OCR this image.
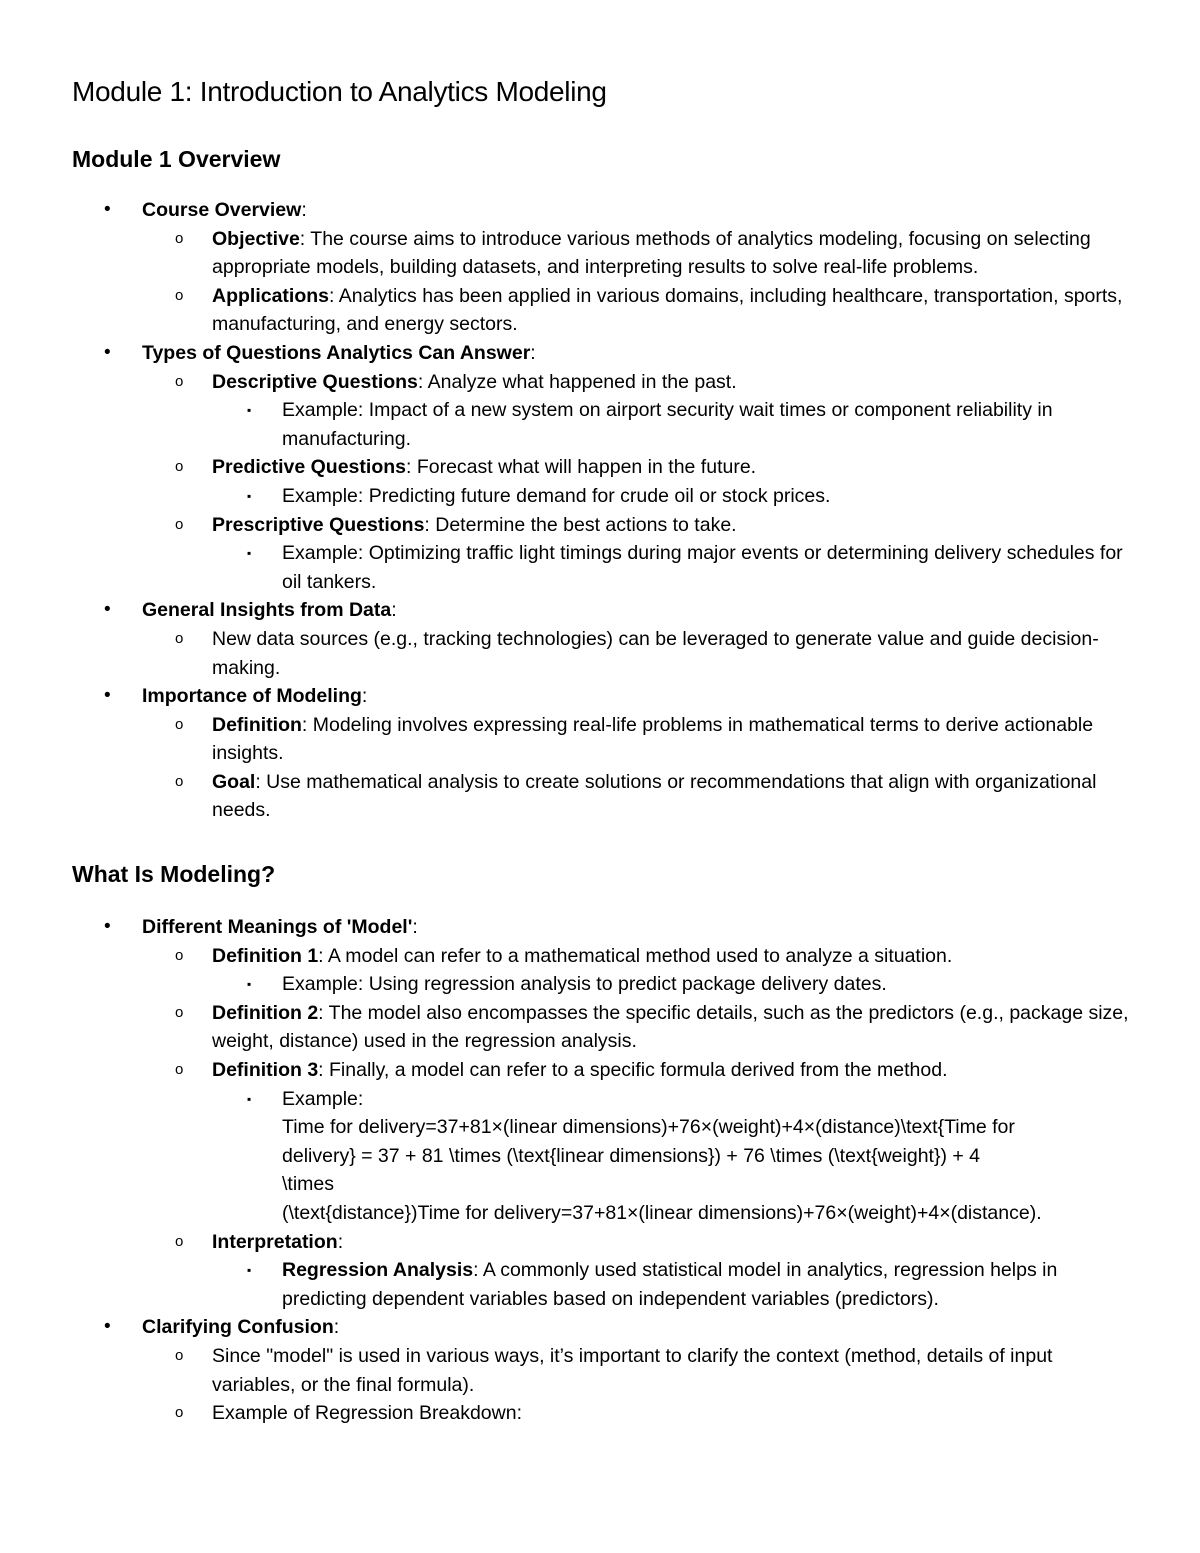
Module 1: Introduction to Analytics Modeling
Module 1 Overview
• Course Overview:
o Objective: The course aims to introduce various methods of analytics modeling, focusing on selecting appropriate models, building datasets, and interpreting results to solve real-life problems.
o Applications: Analytics has been applied in various domains, including healthcare, transportation, sports, manufacturing, and energy sectors.
• Types of Questions Analytics Can Answer:
o Descriptive Questions: Analyze what happened in the past.
▪ Example: Impact of a new system on airport security wait times or component reliability in manufacturing.
o Predictive Questions: Forecast what will happen in the future.
▪ Example: Predicting future demand for crude oil or stock prices.
o Prescriptive Questions: Determine the best actions to take.
▪ Example: Optimizing traffic light timings during major events or determining delivery schedules for oil tankers.
• General Insights from Data:
o New data sources (e.g., tracking technologies) can be leveraged to generate value and guide decision-making.
• Importance of Modeling:
o Definition: Modeling involves expressing real-life problems in mathematical terms to derive actionable insights.
o Goal: Use mathematical analysis to create solutions or recommendations that align with organizational needs.
What Is Modeling?
• Different Meanings of 'Model':
o Definition 1: A model can refer to a mathematical method used to analyze a situation.
▪ Example: Using regression analysis to predict package delivery dates.
o Definition 2: The model also encompasses the specific details, such as the predictors (e.g., package size, weight, distance) used in the regression analysis.
o Definition 3: Finally, a model can refer to a specific formula derived from the method.
▪ Example:
Time for delivery=37+81×(linear dimensions)+76×(weight)+4×(distance)\text{Time for
delivery} = 37 + 81 \times (\text{linear dimensions}) + 76 \times (\text{weight}) + 4
\times
(\text{distance})Time for delivery=37+81×(linear dimensions)+76×(weight)+4×(distance).
o Interpretation:
▪ Regression Analysis: A commonly used statistical model in analytics, regression helps in predicting dependent variables based on independent variables (predictors).
• Clarifying Confusion:
o Since "model" is used in various ways, it’s important to clarify the context (method, details of input variables, or the final formula).
o Example of Regression Breakdown:
